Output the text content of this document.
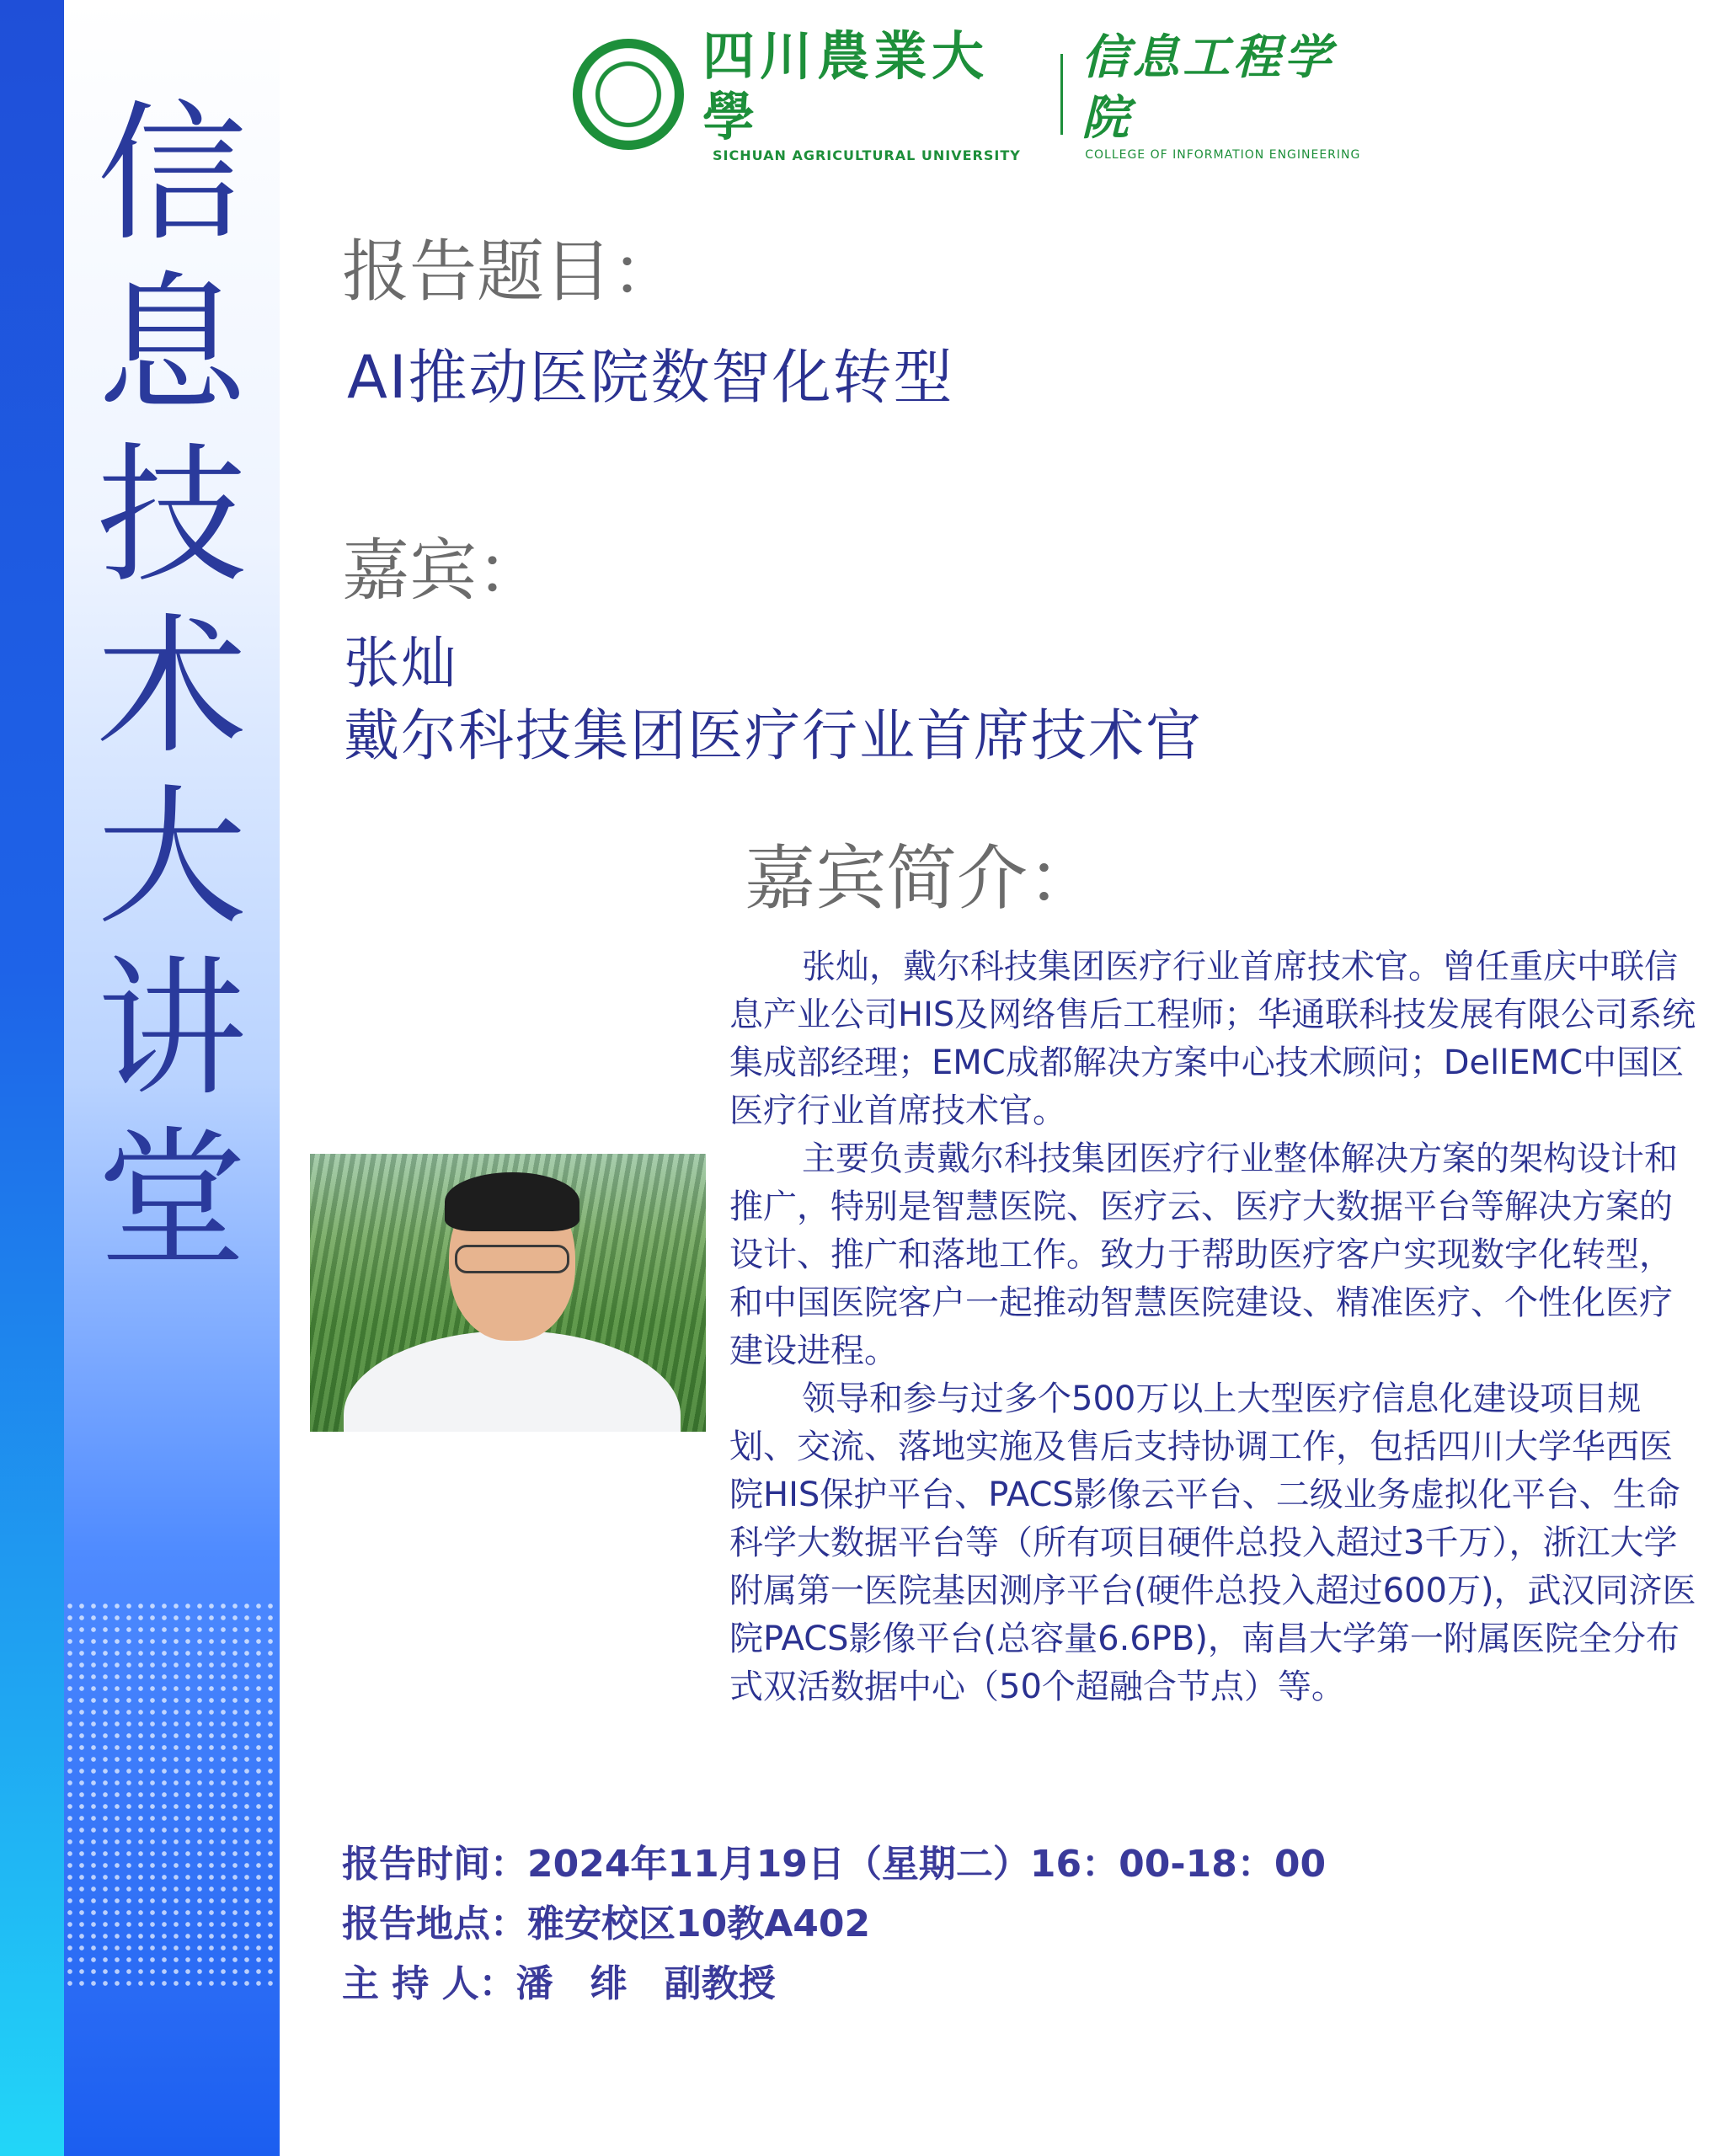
信
息
技
术
大
讲
堂
四川農業大學
SICHUAN AGRICULTURAL UNIVERSITY
信息工程学院
COLLEGE OF INFORMATION ENGINEERING
报告题目：
AI推动医院数智化转型
嘉宾：
张灿
戴尔科技集团医疗行业首席技术官
嘉宾简介：

张灿，戴尔科技集团医疗行业首席技术官。曾任重庆中联信息产业公司HIS及网络售后工程师；华通联科技发展有限公司系统集成部经理；EMC成都解决方案中心技术顾问；DellEMC中国区医疗行业首席技术官。

主要负责戴尔科技集团医疗行业整体解决方案的架构设计和推广，特别是智慧医院、医疗云、医疗大数据平台等解决方案的设计、推广和落地工作。致力于帮助医疗客户实现数字化转型，和中国医院客户一起推动智慧医院建设、精准医疗、个性化医疗建设进程。

领导和参与过多个500万以上大型医疗信息化建设项目规划、交流、落地实施及售后支持协调工作，包括四川大学华西医院HIS保护平台、PACS影像云平台、二级业务虚拟化平台、生命科学大数据平台等（所有项目硬件总投入超过3千万），浙江大学附属第一医院基因测序平台(硬件总投入超过600万)，武汉同济医院PACS影像平台(总容量6.6PB)，南昌大学第一附属医院全分布式双活数据中心（50个超融合节点）等。

报告时间：2024年11月19日（星期二）16：00-18：00
报告地点：雅安校区10教A402
主 持 人：潘　绯　副教授
